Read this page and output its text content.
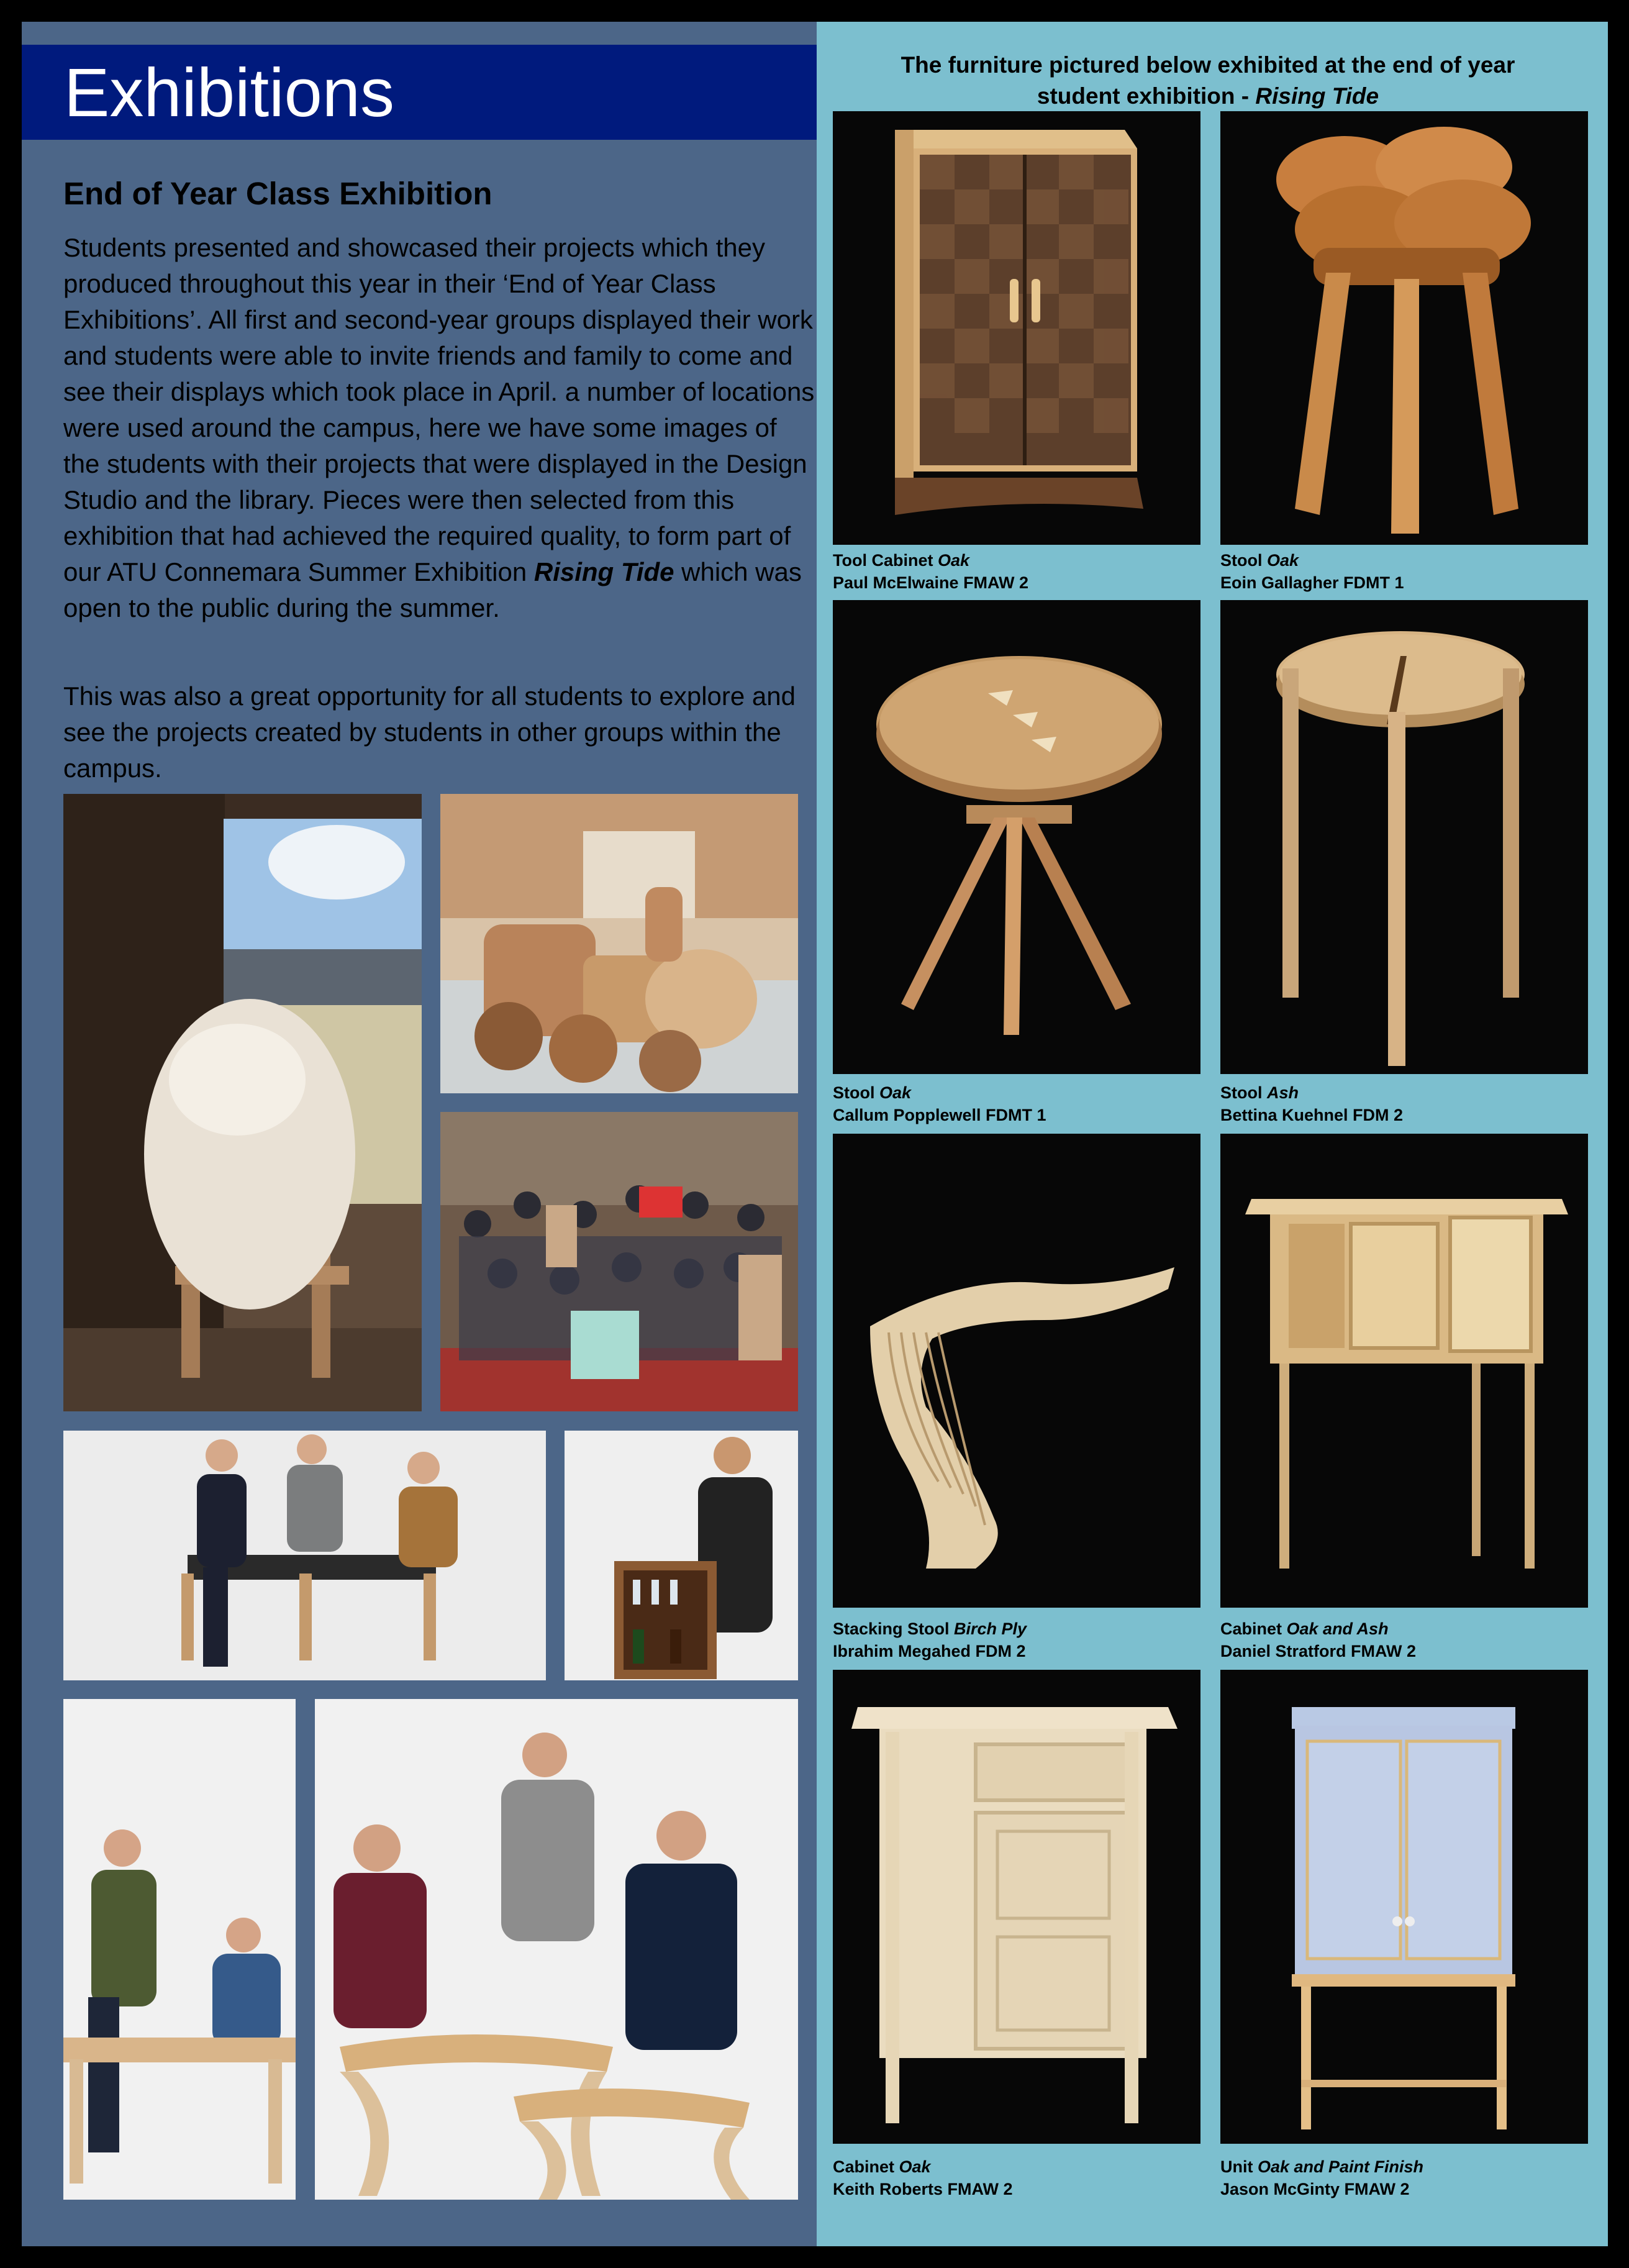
Exhibitions
End of Year Class Exhibition
Students presented and showcased their projects which they produced throughout this year in their ‘End of Year Class Exhibitions’. All first and second-year groups displayed their work and students were able to invite friends and family to come and see their displays which took place in April. a number of locations were used around the campus, here we have some images of the students with their projects that were displayed in the Design Studio and the library. Pieces were then selected from this exhibition that had achieved the required quality, to form part of our ATU Connemara Summer Exhibition Rising Tide which was open to the public during the summer.
This was also a great opportunity for all students to explore and see the projects created by students in other groups within the campus.
The furniture pictured below exhibited at the end of year
student exhibition - Rising Tide
Tool Cabinet Oak
Paul McElwaine FMAW 2
Stool Oak
Eoin Gallagher FDMT 1
Stool Oak
Callum Popplewell FDMT 1
Stool Ash
Bettina Kuehnel FDM 2
Stacking Stool Birch Ply
Ibrahim Megahed FDM 2
Cabinet Oak and Ash
Daniel Stratford FMAW 2
Cabinet Oak
Keith Roberts FMAW 2
Unit Oak and Paint Finish
Jason McGinty FMAW 2
